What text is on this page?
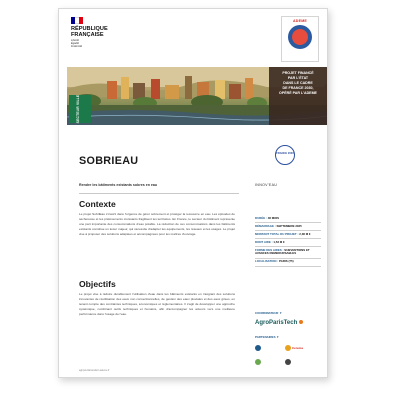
RÉPUBLIQUE
FRANÇAISE
Liberté
Égalité
Fraternité
ADEME
SECTEUR VILLE
PROJET FINANCÉ
PAR L'ÉTAT
DANS LE CADRE
DE FRANCE 2030,
OPÉRÉ PAR L'ADEME
FRANCE 2030
SOBRIEAU
Rendre les bâtiments existants sobres en eau	INNOV'EAU
Contexte
Le projet SobriEau s'inscrit dans l'urgence de gérer sobrement et protéger la ressource en eau. Les épisodes de sécheresse et les prélèvements croissants fragilisent les territoires. En France, le secteur du bâtiment représente une part importante des consommations d'eau potable. La réduction de ces consommations dans les bâtiments existants constitue un levier majeur, qui nécessite d'adapter les équipements, les réseaux et les usages. Le projet vise à proposer des solutions adaptées et accompagnées pour les maîtres d'ouvrage.
Objectifs
Le projet vise à réduire durablement l'utilisation d'eau dans les bâtiments existants en intégrant des solutions innovantes de réutilisation des eaux non conventionnelles, de gestion des eaux pluviales et des eaux grises, en tenant compte des contraintes techniques, économiques et réglementaires. Il s'agit de développer une approche systémique, combinant outils techniques et humains, afin d'accompagner les acteurs vers une meilleure performance dans l'usage de l'eau.
DURÉE : 48 MOIS
DÉMARRAGE : SEPTEMBRE 2025
MONTANT TOTAL DU PROJET : 2,38 M €
DONT AIDE : 1,53 M €
FORME DES AIDES : SUBVENTIONS ET AVANCES REMBOURSABLES
LOCALISATION : PARIS (75)
COORDINATEUR ▼
AgroParisTech
PARTENAIRES ▼
Cerema
agirpourlatransition.ademe.fr
